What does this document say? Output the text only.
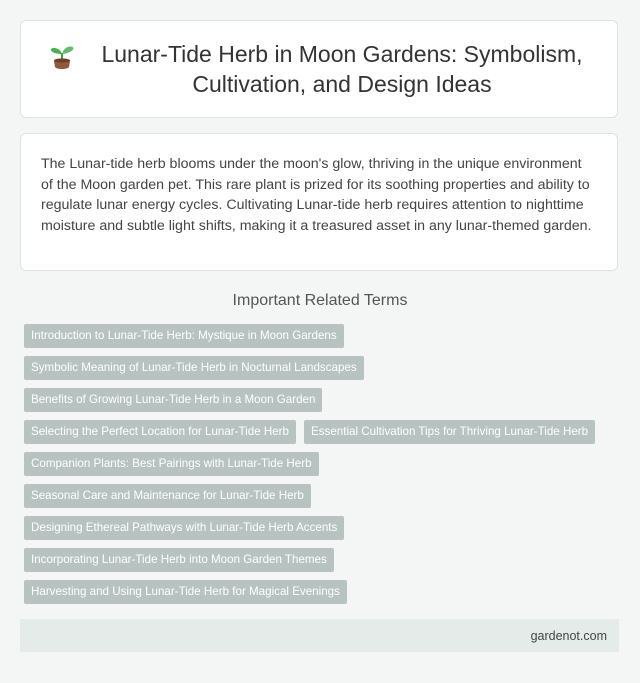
Lunar-Tide Herb in Moon Gardens: Symbolism, Cultivation, and Design Ideas

The Lunar-tide herb blooms under the moon's glow, thriving in the unique environment of the Moon garden pet. This rare plant is prized for its soothing properties and ability to regulate lunar energy cycles. Cultivating Lunar-tide herb requires attention to nighttime moisture and subtle light shifts, making it a treasured asset in any lunar-themed garden.

Important Related Terms
Introduction to Lunar-Tide Herb: Mystique in Moon Gardens
Symbolic Meaning of Lunar-Tide Herb in Nocturnal Landscapes
Benefits of Growing Lunar-Tide Herb in a Moon Garden
Selecting the Perfect Location for Lunar-Tide Herb	Essential Cultivation Tips for Thriving Lunar-Tide Herb
Companion Plants: Best Pairings with Lunar-Tide Herb
Seasonal Care and Maintenance for Lunar-Tide Herb
Designing Ethereal Pathways with Lunar-Tide Herb Accents
Incorporating Lunar-Tide Herb into Moon Garden Themes
Harvesting and Using Lunar-Tide Herb for Magical Evenings
gardenot.com
